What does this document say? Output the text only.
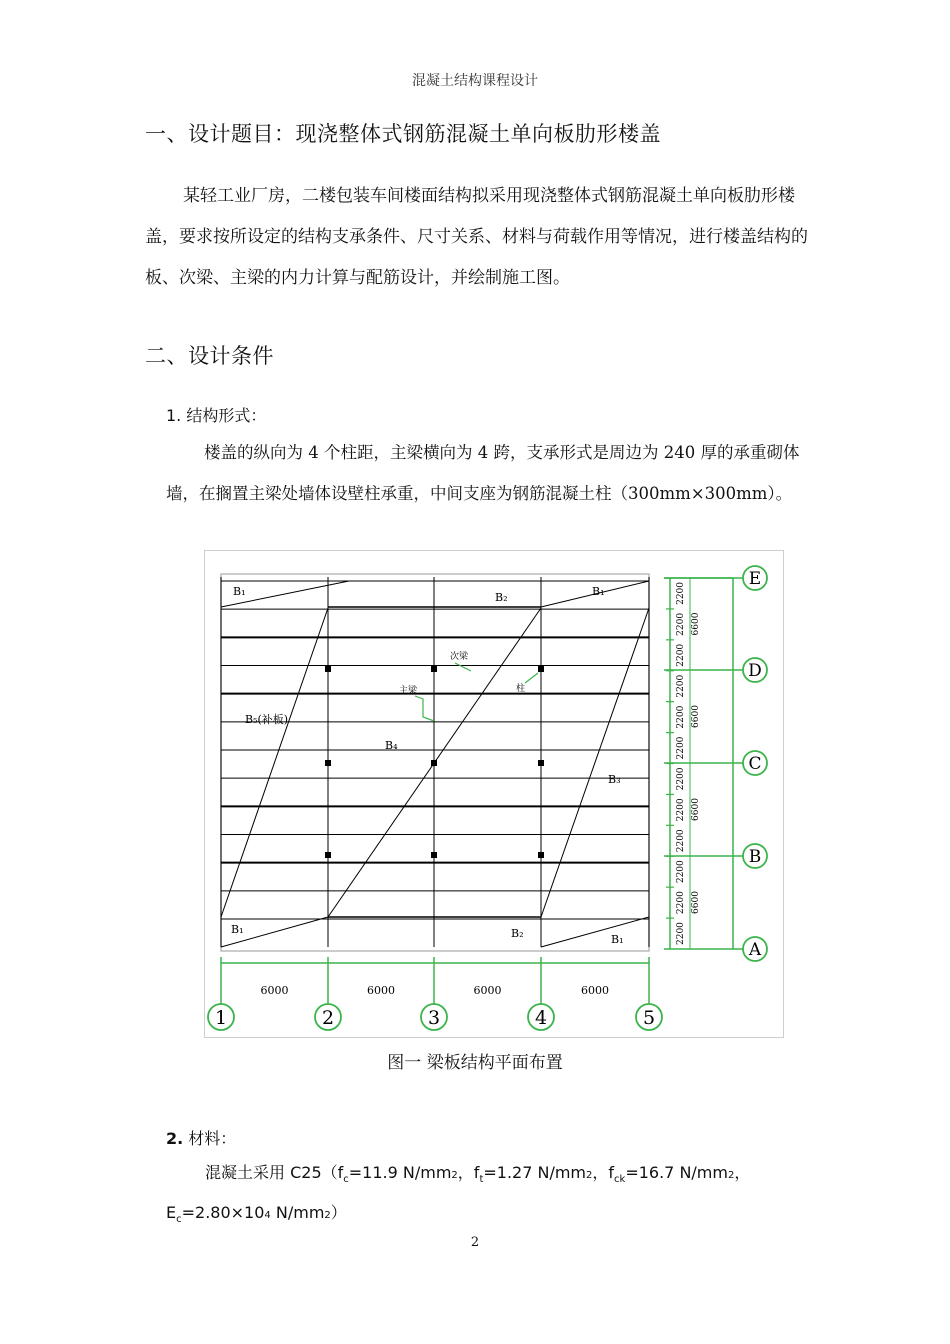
混凝土结构课程设计
一、设计题目：现浇整体式钢筋混凝土单向板肋形楼盖
某轻工业厂房，二楼包装车间楼面结构拟采用现浇整体式钢筋混凝土单向板肋形楼盖，要求按所设定的结构支承条件、尺寸关系、材料与荷载作用等情况，进行楼盖结构的板、次梁、主梁的内力计算与配筋设计，并绘制施工图。
二、设计条件
1. 结构形式：
楼盖的纵向为 4 个柱距，主梁横向为 4 跨，支承形式是周边为 240 厚的承重砌体墙，在搁置主梁处墙体设壁柱承重，中间支座为钢筋混凝土柱（300mm×300mm）。
B₁	B₂	B₁
B₅(补板)
B₄
B₃
B₁	B₂	B₁
次梁
主梁	柱
1	2	3	4	5
6000	6000	6000	6000
E
D
C
B
A
2200
2200
2200
2200
2200
2200
2200
2200
2200
2200
2200
2200
6600
6600
6600
6600
图一 梁板结构平面布置
2. 材料：
混凝土采用 $C25(f_c=11.9$ N/mm2，$f_t=1.27$ N/mm2，$f_{ck}=16.7$ N/mm2，
$E_c=2.80\times 104$ N/mm2）
2
